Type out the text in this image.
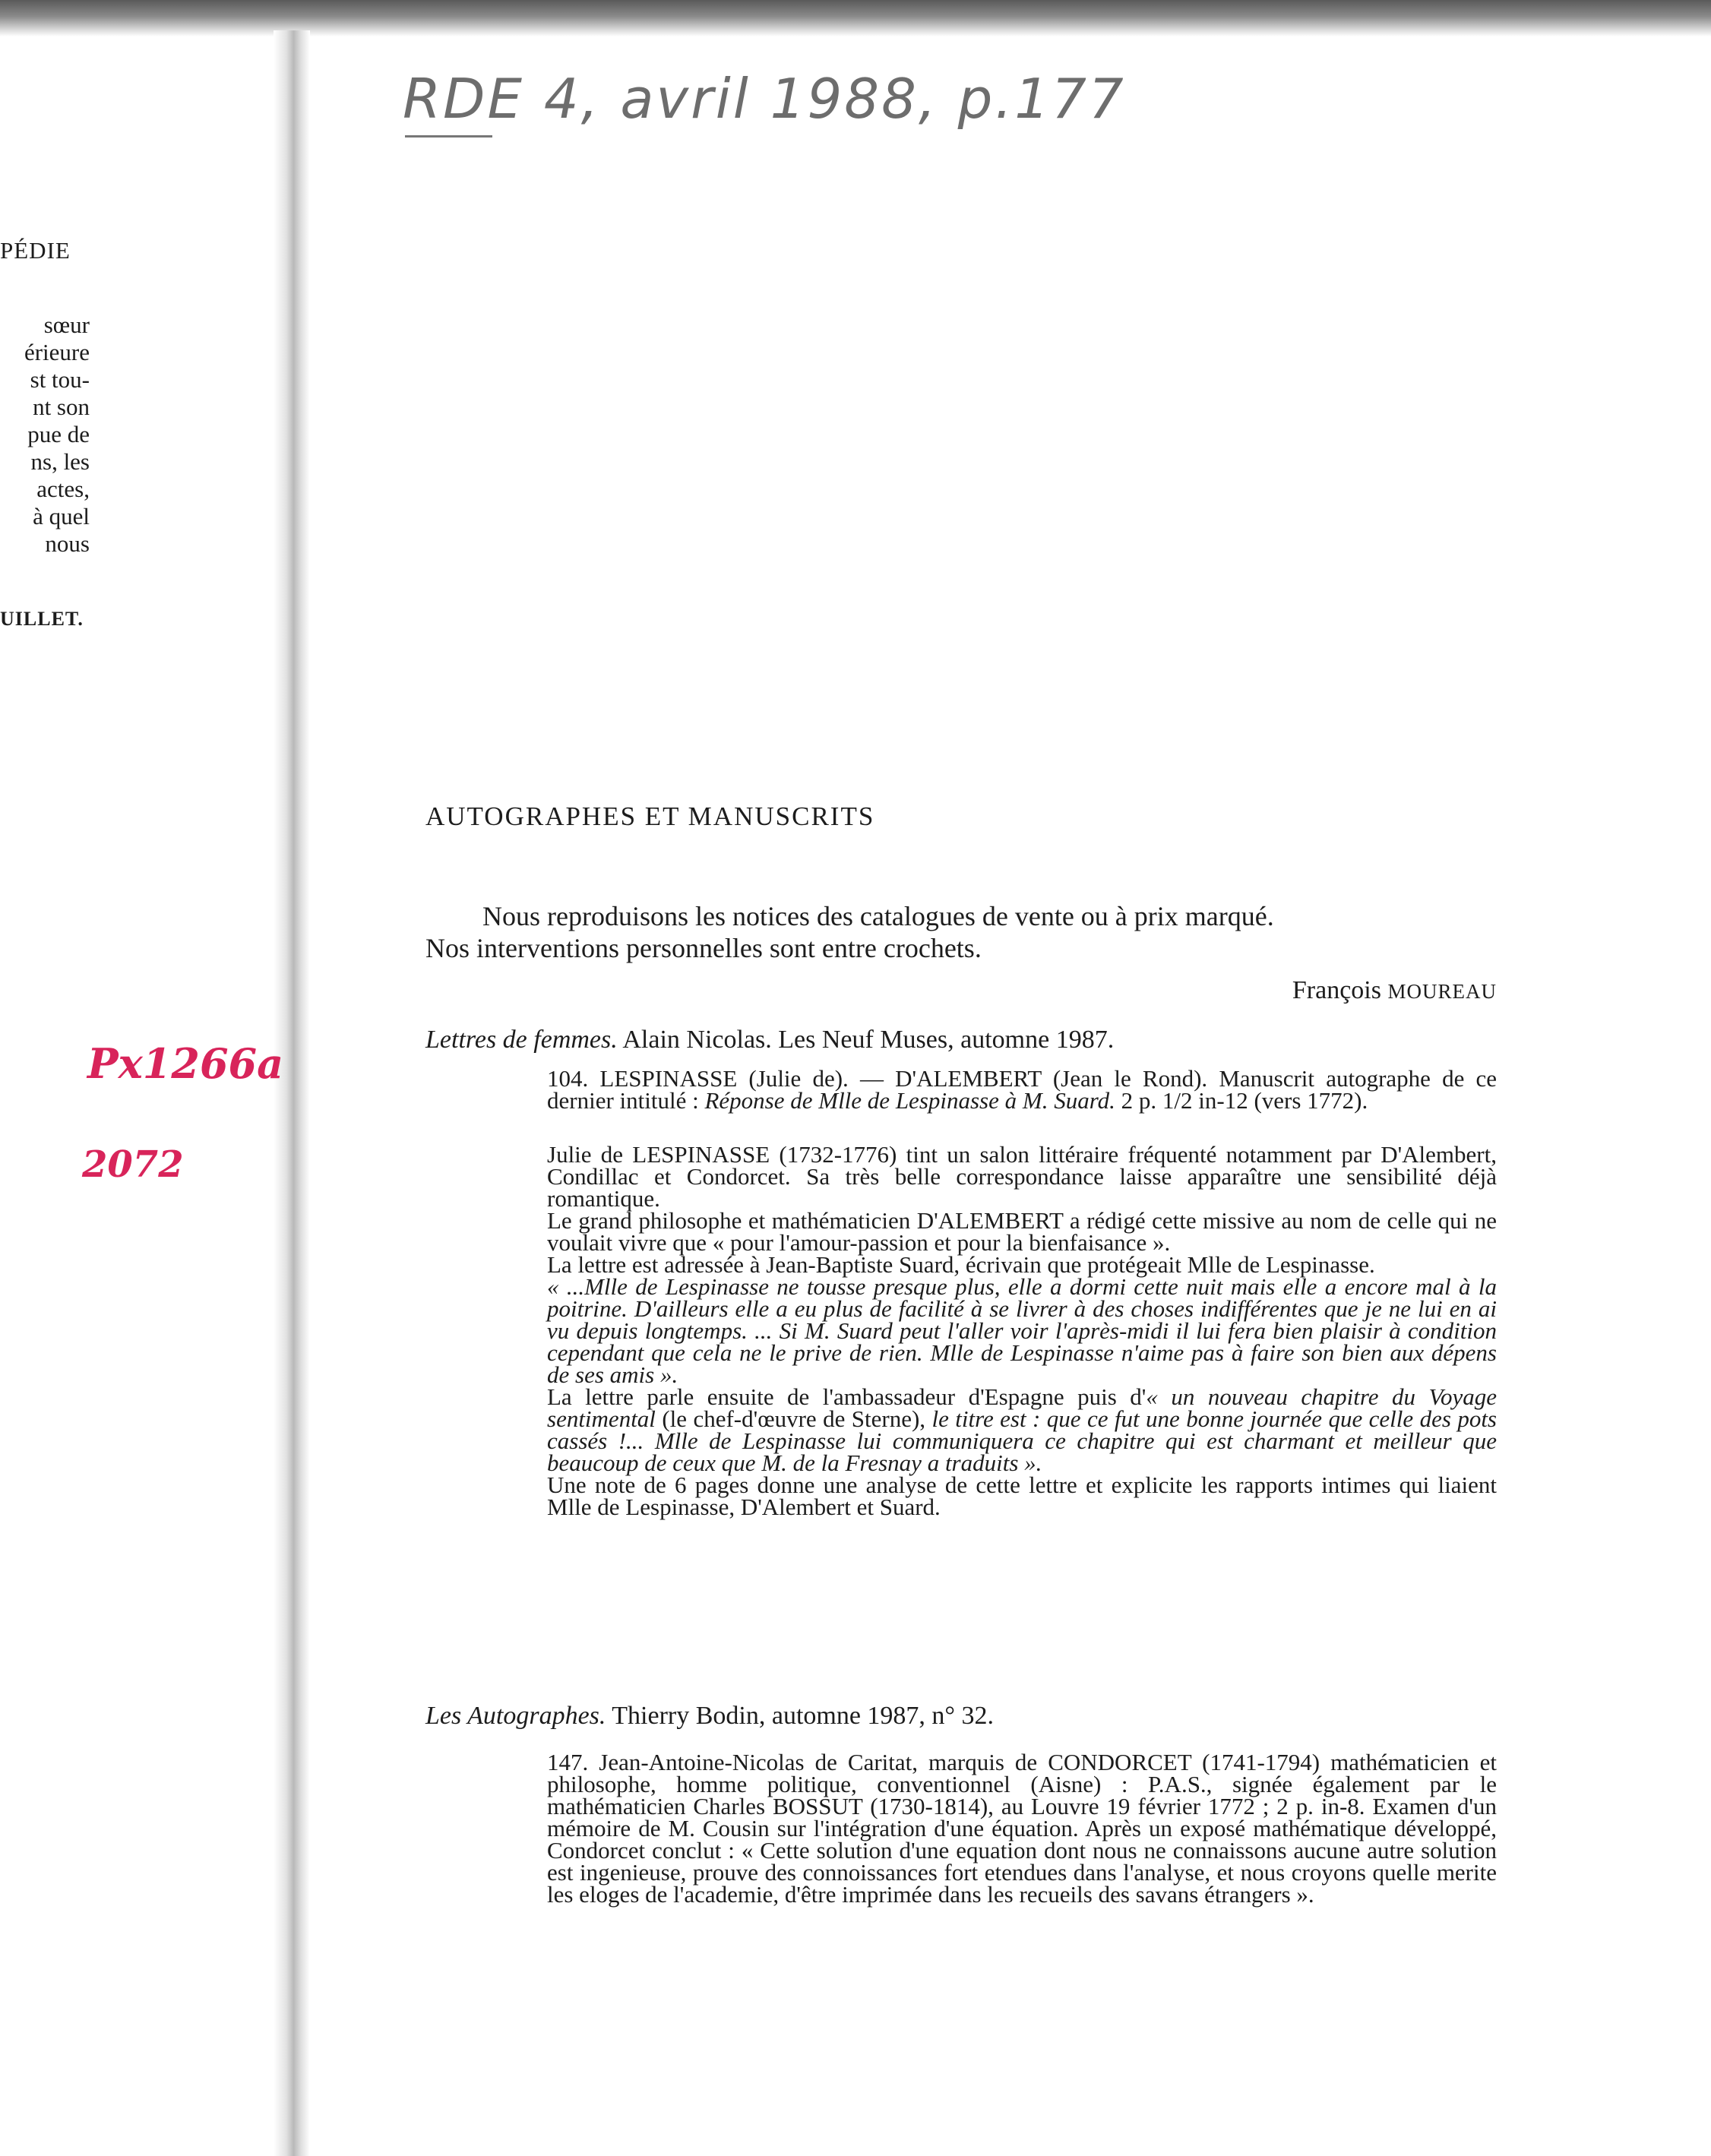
PÉDIE
sœur
érieure
st tou-
nt son
pue de
ns, les
actes,
à quel
nous
UILLET.
RDE 4, avril 1988, p.177
Px1266a
2072
AUTOGRAPHES ET MANUSCRITS

Nous reproduisons les notices des catalogues de vente ou à prix marqué.

Nos interventions personnelles sont entre crochets.

François MOUREAU
Lettres de femmes. Alain Nicolas. Les Neuf Muses, automne 1987.
104. LESPINASSE (Julie de). — D'ALEMBERT (Jean le Rond). Manuscrit autographe de ce dernier intitulé : Réponse de Mlle de Lespinasse à M. Suard. 2 p. 1/2 in-12 (vers 1772).

Julie de LESPINASSE (1732-1776) tint un salon littéraire fréquenté notamment par D'Alembert, Condillac et Condorcet. Sa très belle correspondance laisse apparaître une sensibilité déjà romantique.

Le grand philosophe et mathématicien D'ALEMBERT a rédigé cette missive au nom de celle qui ne voulait vivre que « pour l'amour-passion et pour la bienfaisance ».

La lettre est adressée à Jean-Baptiste Suard, écrivain que protégeait Mlle de Lespinasse.

« ...Mlle de Lespinasse ne tousse presque plus, elle a dormi cette nuit mais elle a encore mal à la poitrine. D'ailleurs elle a eu plus de facilité à se livrer à des choses indifférentes que je ne lui en ai vu depuis longtemps. ... Si M. Suard peut l'aller voir l'après-midi il lui fera bien plaisir à condition cependant que cela ne le prive de rien. Mlle de Lespinasse n'aime pas à faire son bien aux dépens de ses amis ».

La lettre parle ensuite de l'ambassadeur d'Espagne puis d'« un nouveau chapitre du Voyage sentimental (le chef-d'œuvre de Sterne), le titre est : que ce fut une bonne journée que celle des pots cassés !... Mlle de Lespinasse lui communiquera ce chapitre qui est charmant et meilleur que beaucoup de ceux que M. de la Fresnay a traduits ».

Une note de 6 pages donne une analyse de cette lettre et explicite les rapports intimes qui liaient Mlle de Lespinasse, D'Alembert et Suard.

Les Autographes. Thierry Bodin, automne 1987, n° 32.
147. Jean-Antoine-Nicolas de Caritat, marquis de CONDORCET (1741-1794) mathématicien et philosophe, homme politique, conventionnel (Aisne) : P.A.S., signée également par le mathématicien Charles BOSSUT (1730-1814), au Louvre 19 février 1772 ; 2 p. in-8. Examen d'un mémoire de M. Cousin sur l'intégration d'une équation. Après un exposé mathématique développé, Condorcet conclut : « Cette solution d'une equation dont nous ne connaissons aucune autre solution est ingenieuse, prouve des connoissances fort etendues dans l'analyse, et nous croyons quelle merite les eloges de l'academie, d'être imprimée dans les recueils des savans étrangers ».
